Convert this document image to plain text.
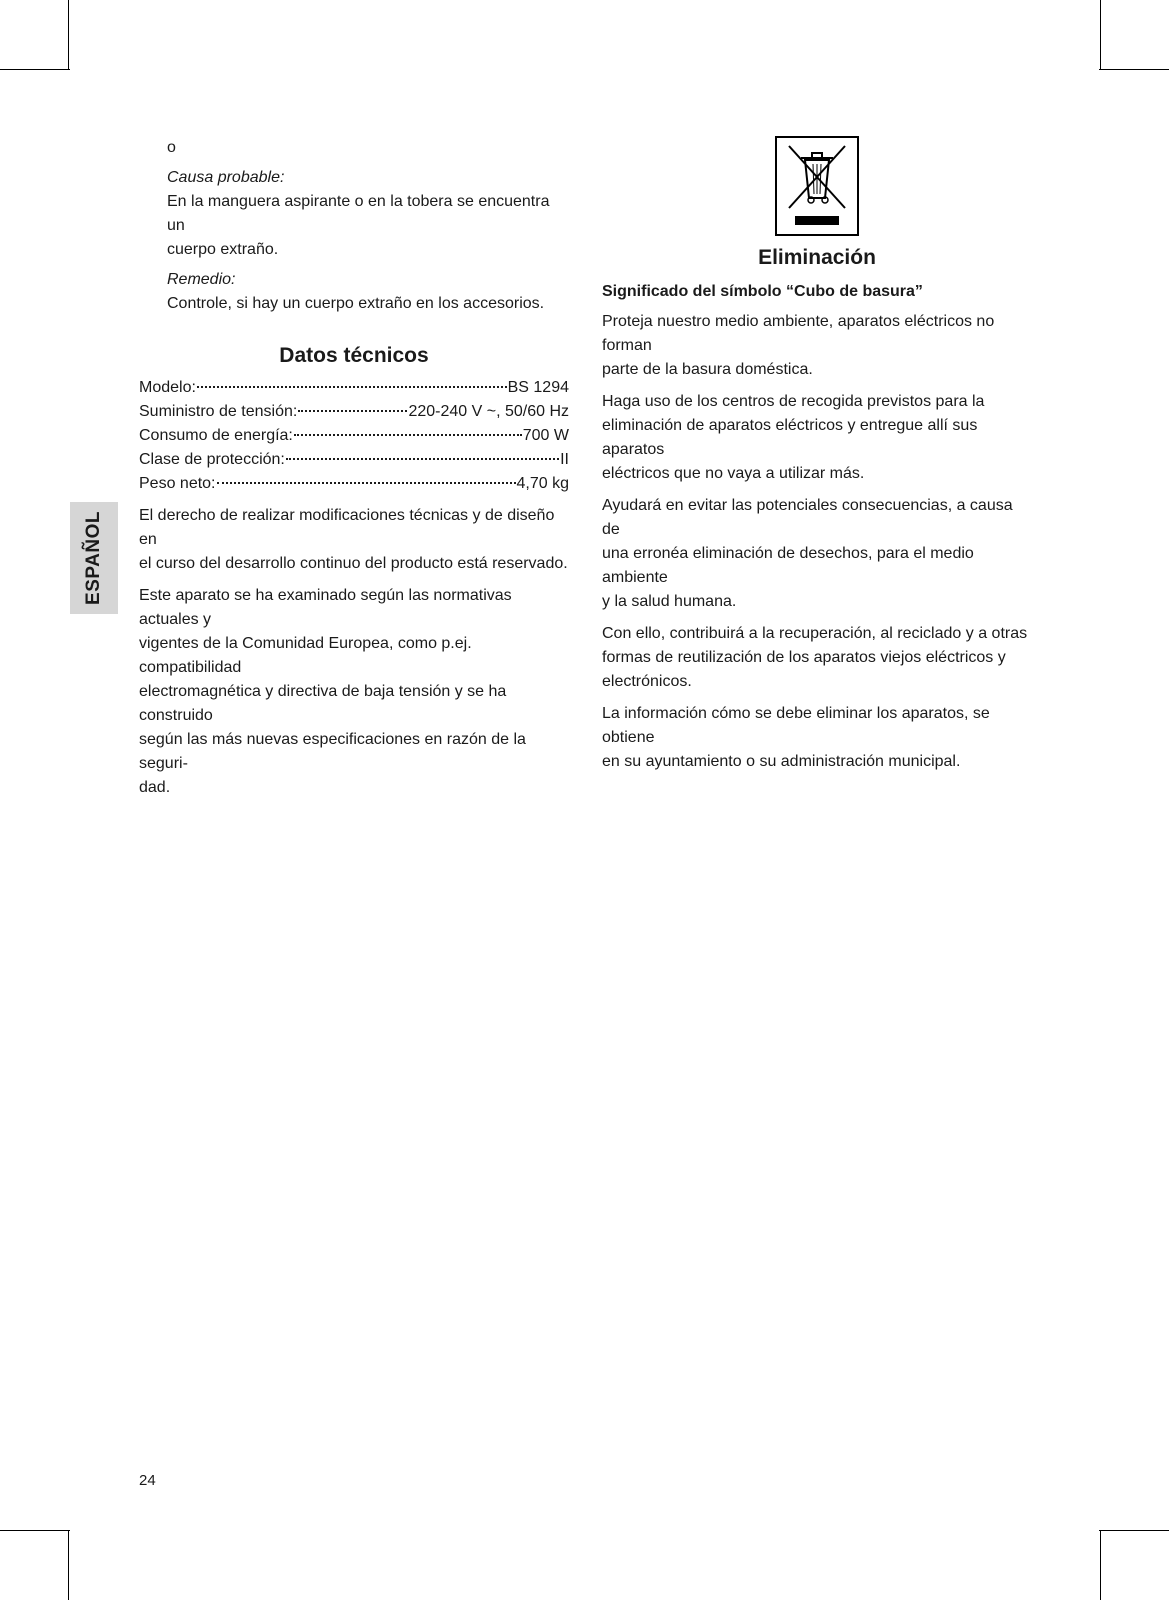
ESPAÑOL
o
Causa probable:
En la manguera aspirante o en la tobera se encuentra un
cuerpo extraño.
Remedio:
Controle, si hay un cuerpo extraño en los accesorios.
Datos técnicos
Modelo:	BS 1294
Suministro de tensión:	220-240 V ~, 50/60 Hz
Consumo de energía:	700 W
Clase de protección:	II
Peso neto:	4,70 kg

El derecho de realizar modificaciones técnicas y de diseño en
el curso del desarrollo continuo del producto está reservado.

Este aparato se ha examinado según las normativas actuales y
vigentes de la Comunidad Europea, como p.ej. compatibilidad
electromagnética y directiva de baja tensión y se ha construido
según las más nuevas especificaciones en razón de la seguri-
dad.

Eliminación
Significado del símbolo “Cubo de basura”

Proteja nuestro medio ambiente, aparatos eléctricos no forman
parte de la basura doméstica.

Haga uso de los centros de recogida previstos para la
eliminación de aparatos eléctricos y entregue allí sus aparatos
eléctricos que no vaya a utilizar más.

Ayudará en evitar las potenciales consecuencias, a causa de
una erronéa eliminación de desechos, para el medio ambiente
y la salud humana.

Con ello, contribuirá a la recuperación, al reciclado y a otras
formas de reutilización de los aparatos viejos eléctricos y
electrónicos.

La información cómo se debe eliminar los aparatos, se obtiene
en su ayuntamiento o su administración municipal.

24
